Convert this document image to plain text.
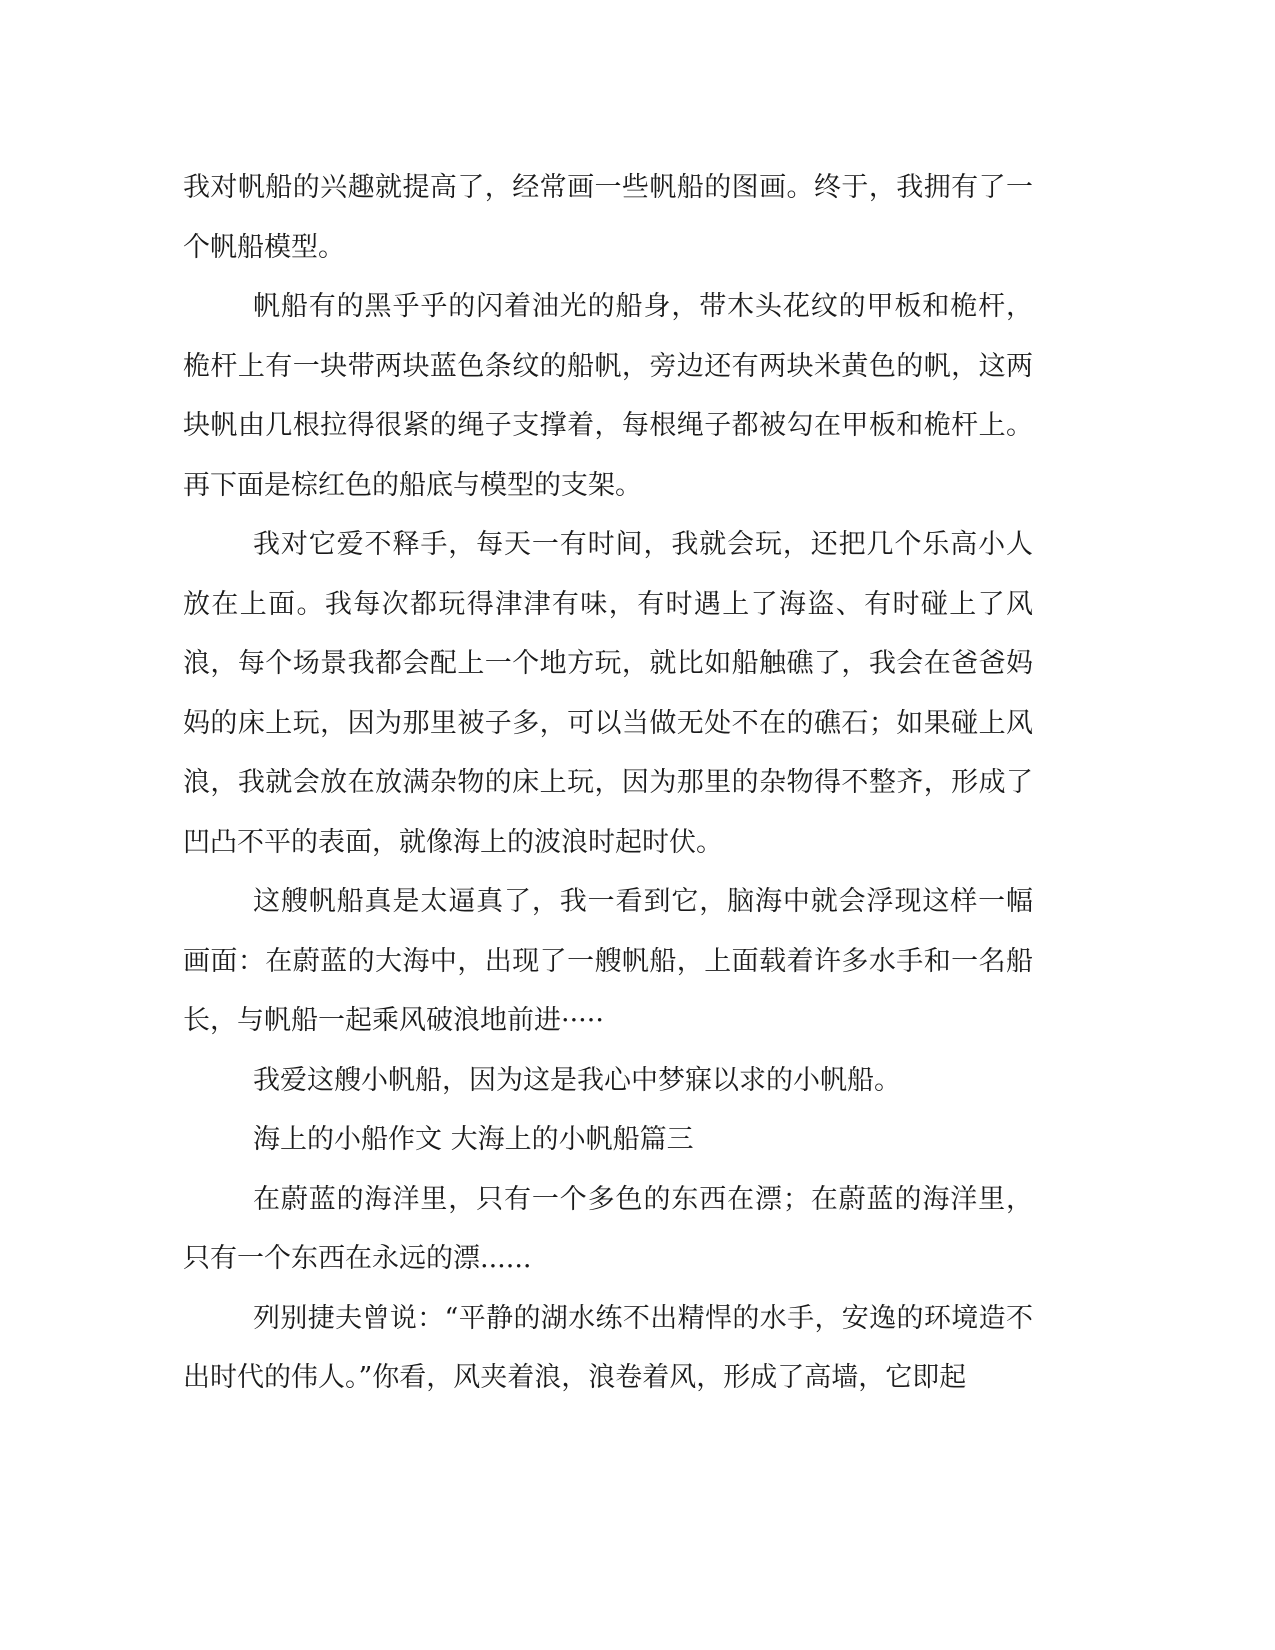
我对帆船的兴趣就提高了，经常画一些帆船的图画。终于，我拥有了一个帆船模型。

帆船有的黑乎乎的闪着油光的船身，带木头花纹的甲板和桅杆，桅杆上有一块带两块蓝色条纹的船帆，旁边还有两块米黄色的帆，这两块帆由几根拉得很紧的绳子支撑着，每根绳子都被勾在甲板和桅杆上。再下面是棕红色的船底与模型的支架。

我对它爱不释手，每天一有时间，我就会玩，还把几个乐高小人放在上面。我每次都玩得津津有味，有时遇上了海盗、有时碰上了风浪，每个场景我都会配上一个地方玩，就比如船触礁了，我会在爸爸妈妈的床上玩，因为那里被子多，可以当做无处不在的礁石；如果碰上风浪，我就会放在放满杂物的床上玩，因为那里的杂物得不整齐，形成了凹凸不平的表面，就像海上的波浪时起时伏。

这艘帆船真是太逼真了，我一看到它，脑海中就会浮现这样一幅画面：在蔚蓝的大海中，出现了一艘帆船，上面载着许多水手和一名船长，与帆船一起乘风破浪地前进·····

我爱这艘小帆船，因为这是我心中梦寐以求的小帆船。

海上的小船作文 大海上的小帆船篇三

在蔚蓝的海洋里，只有一个多色的东西在漂；在蔚蓝的海洋里，只有一个东西在永远的漂......

列别捷夫曾说：“平静的湖水练不出精悍的水手，安逸的环境造不出时代的伟人。”你看，风夹着浪，浪卷着风，形成了高墙，它即起
